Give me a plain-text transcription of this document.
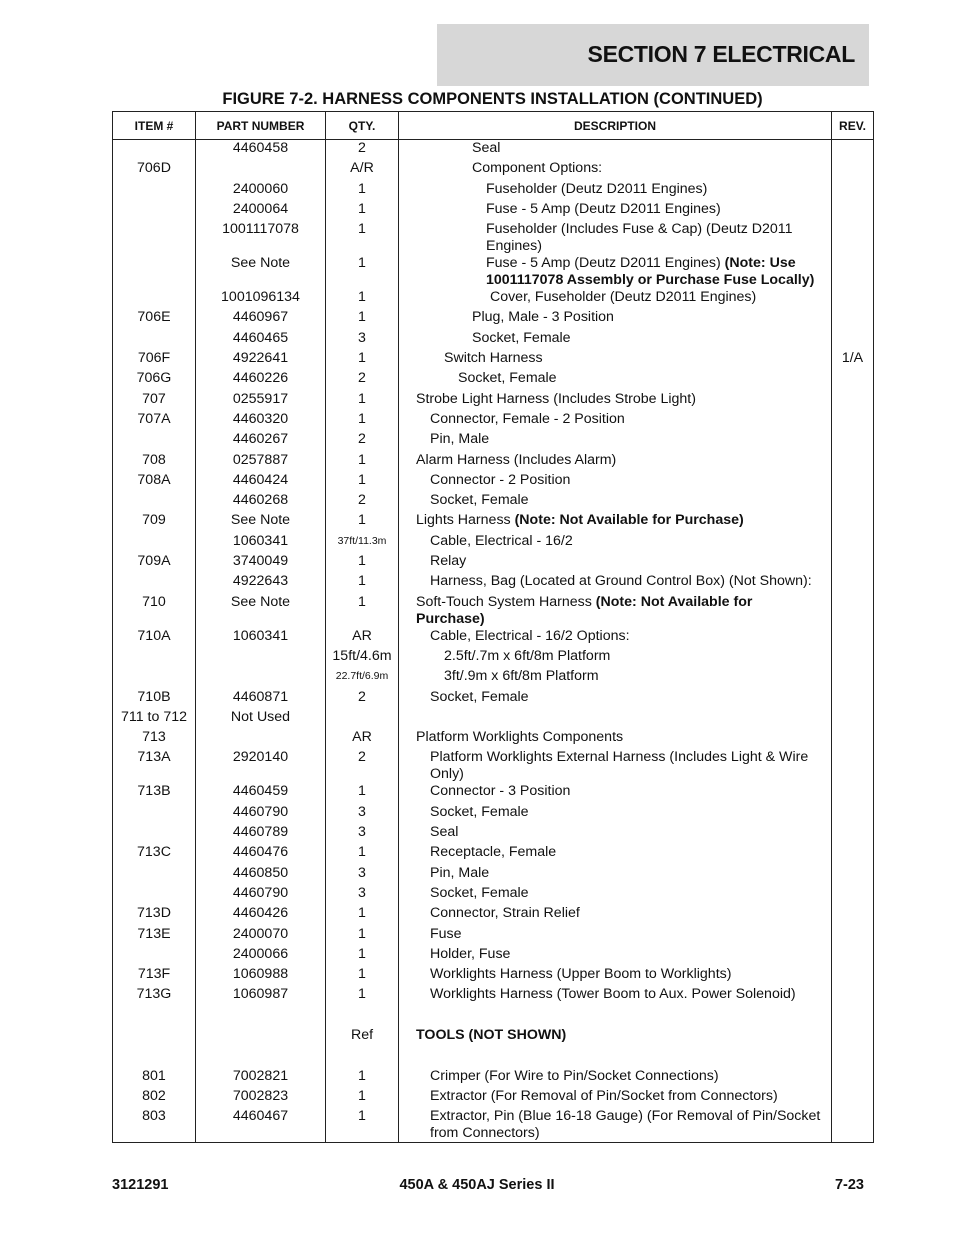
SECTION 7 ELECTRICAL
FIGURE 7-2. HARNESS COMPONENTS INSTALLATION (CONTINUED)
ITEM #	PART NUMBER	QTY.	DESCRIPTION	REV.
	4460458	2	Seal	

706D		A/R	Component Options:	

	2400060	1	Fuseholder (Deutz D2011 Engines)	

	2400064	1	Fuse - 5 Amp (Deutz D2011 Engines)	

	1001117078	1	Fuseholder (Includes Fuse & Cap) (Deutz D2011 Engines)	

	See Note	1	Fuse - 5 Amp (Deutz D2011 Engines) (Note: Use 1001117078 Assembly or Purchase Fuse Locally)	

	1001096134	1	Cover, Fuseholder (Deutz D2011 Engines)	

706E	4460967	1	Plug, Male - 3 Position	

	4460465	3	Socket, Female	

706F	4922641	1	Switch Harness	1/A
706G	4460226	2	Socket, Female	

707	0255917	1	Strobe Light Harness (Includes Strobe Light)	

707A	4460320	1	Connector, Female - 2 Position	

	4460267	2	Pin, Male	

708	0257887	1	Alarm Harness (Includes Alarm)	

708A	4460424	1	Connector - 2 Position	

	4460268	2	Socket, Female	

709	See Note	1	Lights Harness (Note: Not Available for Purchase)	

	1060341	37ft/11.3m	Cable, Electrical - 16/2	

709A	3740049	1	Relay	

	4922643	1	Harness, Bag (Located at Ground Control Box) (Not Shown):	

710	See Note	1	Soft-Touch System Harness (Note: Not Available for Purchase)	

710A	1060341	AR	Cable, Electrical - 16/2 Options:	

		15ft/4.6m	2.5ft/.7m x 6ft/8m Platform	

		22.7ft/6.9m	3ft/.9m x 6ft/8m Platform	

710B	4460871	2	Socket, Female	

711 to 712	Not Used		

713		AR	Platform Worklights Components	

713A	2920140	2	Platform Worklights External Harness (Includes Light & Wire Only)	

713B	4460459	1	Connector - 3 Position	

	4460790	3	Socket, Female	

	4460789	3	Seal	

713C	4460476	1	Receptacle, Female	

	4460850	3	Pin, Male	

	4460790	3	Socket, Female	

713D	4460426	1	Connector, Strain Relief	

713E	2400070	1	Fuse	

	2400066	1	Holder, Fuse	

713F	1060988	1	Worklights Harness (Upper Boom to Worklights)	

713G	1060987	1	Worklights Harness (Tower Boom to Aux. Power Solenoid)	

		Ref	TOOLS (NOT SHOWN)	

801	7002821	1	Crimper (For Wire to Pin/Socket Connections)	

802	7002823	1	Extractor (For Removal of Pin/Socket from Connectors)	

803	4460467	1	Extractor, Pin (Blue 16-18 Gauge) (For Removal of Pin/Socket from Connectors)	

3121291	450A & 450AJ Series II	7-23
